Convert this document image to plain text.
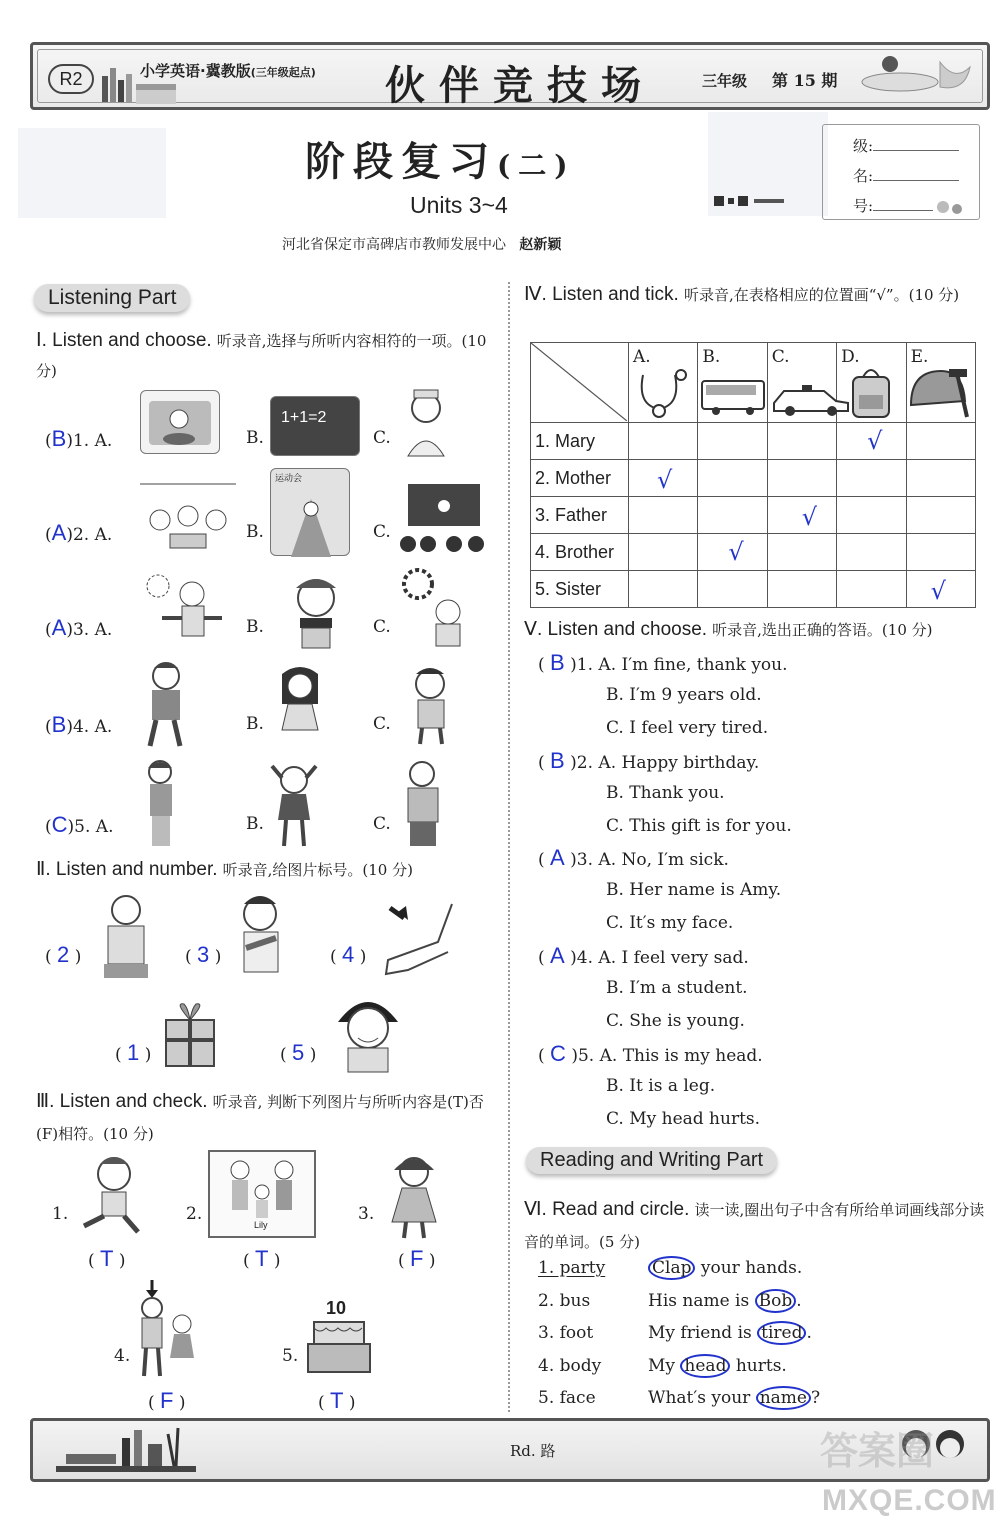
R2	小学英语·冀教版(三年级起点) 伙伴竞技场	三年级 第 15 期
阶段复习(二)
Units 3~4
河北省保定市高碑店市教师发展中心 赵新颖
级:
名:
号:
Listening Part
Ⅰ. Listen and choose. 听录音,选择与所听内容相符的一项。(10 分)
(B)1. A.	B.
1+1=2
C.
(A)2. A.	B.
运动会
C.
(A)3. A.	B.	C.
(B)4. A.	B.	C.
(C)5. A.	B.	C.
Ⅱ. Listen and number. 听录音,给图片标号。(10 分)
( 2 )	( 3 )	( 4 )
( 1 )	( 5 )
Ⅲ. Listen and check. 听录音, 判断下列图片与所听内容是(T)否(F)相符。(10 分)
1.
( T )
2.
Lily
( T )
3.
( F )
4.
( F )
5.
10
( T )
Ⅳ. Listen and tick. 听录音,在表格相应的位置画“√”。(10 分)

A.	B.	C.	D.	E.

1. Mary				√	

2. Mother	√				

3. Father			√		

4. Brother		√			

5. Sister					√
Ⅴ. Listen and choose. 听录音,选出正确的答语。(10 分)
( B )1. A. I′m fine, thank you.
B. I′m 9 years old.
C. I feel very tired.
( B )2. A. Happy birthday.
B. Thank you.
C. This gift is for you.
( A )3. A. No, I′m sick.
B. Her name is Amy.
C. It′s my face.
( A )4. A. I feel very sad.
B. I′m a student.
C. She is young.
( C )5. A. This is my head.
B. It is a leg.
C. My head hurts.
Reading and Writing Part
Ⅵ. Read and circle. 读一读,圈出句子中含有所给单词画线部分读音的单词。(5 分)
1. party	Clap your hands.
2. bus	His name is Bob .
3. foot	My friend is tired .
4. body	My head hurts.
5. face	What′s your name ?
Rd. 路	答案圈
MXQE.COM
